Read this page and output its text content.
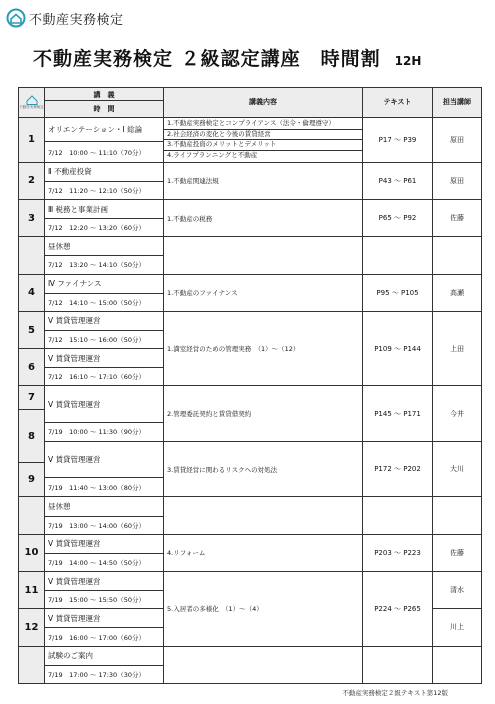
不動産実務検定
不動産実務検定 ２級認定講座　時間割 12H
不動産実務検定	講　義
時　間	講義内容	テキスト	担当講師
1	オリエンテーション・Ⅰ 総論	1.不動産実務検定とコンプライアンス（法令・倫理遵守）
2.社会経済の変化と今後の賃貸経営
3.不動産投資のメリットとデメリット
4.ライフプランニングと不動産	P17 ～ P39	原田
	7/12　10:00 ～ 11:10（70分）			
2	Ⅱ 不動産投資	1.不動産関連法規	P43 ～ P61	原田
	7/12　11:20 ～ 12:10（50分）			
3	Ⅲ 税務と事業計画	1.不動産の税務	P65 ～ P92	佐藤
	7/12　12:20 ～ 13:20（60分）			
	昼休憩			
	7/12　13:20 ～ 14:10（50分）			
4	Ⅳ ファイナンス	1.不動産のファイナンス	P95 ～ P105	高瀬
	7/12　14:10 ～ 15:00（50分）			
5	Ⅴ 賃貸管理運営	1.満室経営のための管理実務　（1）～（12）	P109 ～ P144	上田
	7/12　15:10 ～ 16:00（50分）			
6	Ⅴ 賃貸管理運営			
	7/12　16:10 ～ 17:10（60分）			
7	Ⅴ 賃貸管理運営	2.管理委託契約と賃貸借契約	P145 ～ P171	今井
8				
	7/19　10:00 ～ 11:30（90分）			
	Ⅴ 賃貸管理運営	3.賃貸経営に関わるリスクへの対処法	P172 ～ P202	大川
9				
	7/19　11:40 ～ 13:00（80分）			
	昼休憩			
	7/19　13:00 ～ 14:00（60分）			
10	Ⅴ 賃貸管理運営	4.リフォーム	P203 ～ P223	佐藤
	7/19　14:00 ～ 14:50（50分）			
11	Ⅴ 賃貸管理運営	5.入居者の多様化　（1）～（4）	P224 ～ P265	清水
	7/19　15:00 ～ 15:50（50分）			
12	Ⅴ 賃貸管理運営			川上
	7/19　16:00 ～ 17:00（60分）			
	試験のご案内			
	7/19　17:00 ～ 17:30（30分）			
不動産実務検定２級テキスト第12版
